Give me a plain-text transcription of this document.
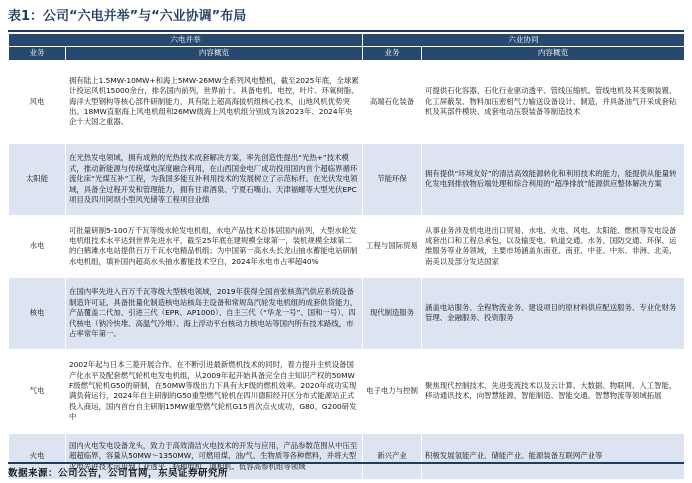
表1：公司“六电并举”与“六业协调”布局
六电并举		六业协同	
业务	内容概览	业务	内容概览
风电	拥有陆上1.5MW-10MW+和海上5MW-26MW全系列风电整机，截至2025年底，全球累计投运风机15000余台，排名国内前列，世界前十。具备电机、电控、叶片、环氧树脂、海洋大型钢构等核心部件研制能力，具有陆上超高海拔机组核心技术，山地风机优势突出。18MW直驱海上风电机组和26MW级海上风电机组分别成为该2023年、2024年央企十大国之重器。	高端石化装备	可提供石化容器、石化行业驱动透平、管线压缩机、管线电机及其变频装置、化工屏蔽泵、物料加压密相气力输送设备设计、制造，并具备油气开采成套钻机及其部件模块、成套电动压裂装备等制造技术
太阳能	在光热发电领域，拥有成熟的光热技术成套解决方案，率先创造性提出“光热+”技术模式，推动新能源与传统煤电深度融合利用，在山西国金电厂成功投用国内首个超临界循环流化床“光煤互补”工程，为我国多能互补利用技术的发展树立了示范标杆。在光伏发电领域，具备全过程开发和管理能力，拥有甘肃酒泉、宁夏石嘴山、天津福螺等大型光伏EPC项目及四川阿坝小型风光储等工程项目业绩	节能环保	拥有提供“环境友好”的清洁高效能源转化和利用技术的能力，能提供从能量转化发电到排放物后端处理和综合利用的“超净排放”能源供应整体解决方案
水电	可批量研制5-100万千瓦等级水轮发电机组，水电产品技术总体居国内前列，大型水轮发电机组技术水平达到世界先进水平，截至25年底在建规模全球第一，装机规模全球第二的白鹤滩水电站提供百万千瓦水电精品机组；为中国第一高水头长龙山抽水蓄能电站研制水电机组，填补国内超高水头抽水蓄能技术空白，2024年水电市占率超40%	工程与国际贸易	从事业务涉及机电进出口贸易、水电、火电、风电、太阳能、燃机等发电设备成套出口和工程总承包，以及输变电、轨道交通、水务、国防交通、环保、运维服务等业务领域，主要市场涵盖东南亚、南亚、中亚、中东、非洲、北美、南美以及部分发达国家
核电	在国内率先进入百万千瓦等级大型核电领域，2019年获得全国首张核蒸汽供应系统设备制造许可证，具备批量化制造核电站核岛主设备和常规岛汽轮发电机组的成套供货能力，产品覆盖二代加、引进三代（EPR、AP1000）、自主三代（“华龙一号”、国和一号）、四代核电（钠冷快堆、高温气冷堆）、海上浮动平台核动力核电站等国内所有技术路线，市占率常年第一。	现代制造服务	涵盖电站服务、全程物流业务、建设项目的原材料供应配送服务、专业化财务管理、金融服务、投资服务
气电	2002年起与日本三菱开展合作。在不断引进最新燃机技术的同时，着力提升主机设备国产化水平及配套燃气轮机电发电机组，从2009年起开始具备完全自主知识产权的50MW F级燃气轮机G50的研制，在50MW等级出力下具有大F级的燃机效率。2020年成功实现满负荷运行，2024年自主研制的G50重型燃气轮机在四川德阳经开区分布式能源站正式投入商运，国内首台自主研制15MW重型燃气轮机G15首次点火成功，G80、G200研发中	电子电力与控制	聚焦现代控制技术、先进变流技术以及云计算、大数据、物联网、人工智能、移动通讯技术，向智慧能源、智能制造、智能交通、智慧物流等领域拓展
火电	国内火电发电设备龙头，致力于高效清洁火电技术的开发与应用，产品参数范围从中压至超超临界，容量从50MW～1350MW，可燃用煤、油/气、生物质等各种燃料，并将大型火电先进技术运用到工业透平、特种电机、调相机、低容高参机组等领域	新兴产业	积极发展氢能产业、储能产业、能源装备互联网产业等
数据来源：公司公告，公司官网，东吴证券研究所
